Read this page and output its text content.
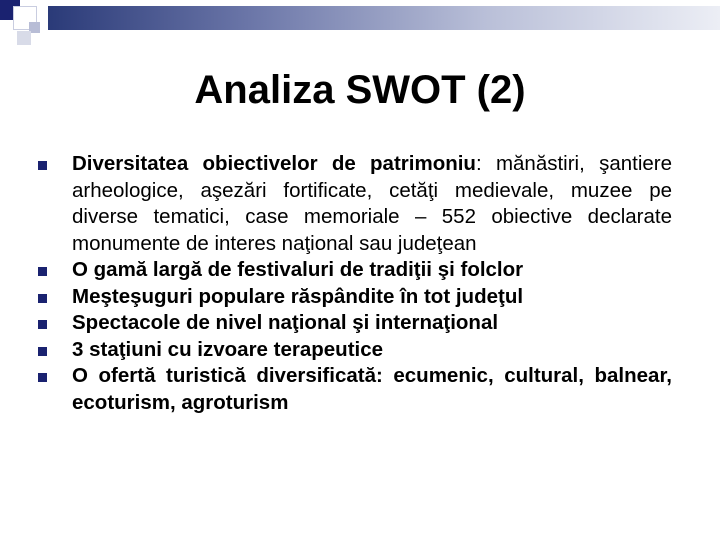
Analiza SWOT (2)
Diversitatea obiectivelor de patrimoniu: mănăstiri, şantiere arheologice, aşezări fortificate, cetăţi medievale, muzee pe diverse tematici, case memoriale – 552 obiective declarate monumente de interes naţional sau judeţean
O gamă largă de festivaluri de tradiţii şi folclor
Meşteşuguri populare răspândite în tot judeţul
Spectacole de nivel naţional şi internaţional
3 staţiuni cu izvoare terapeutice
O ofertă turistică diversificată: ecumenic, cultural, balnear, ecoturism, agroturism
